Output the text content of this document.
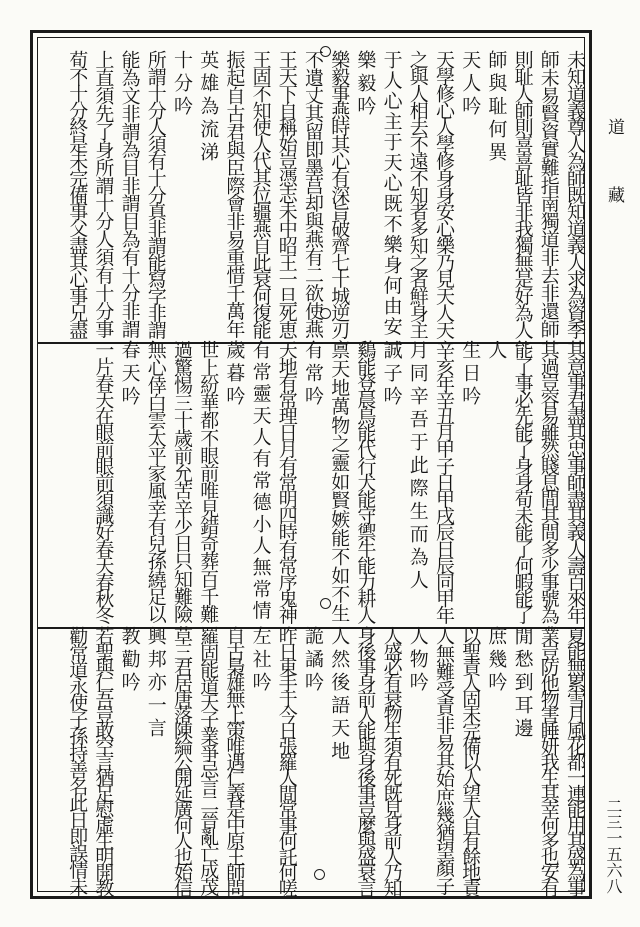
道　　　藏
二三一五六八
未知道義尊人為師既知道義人求為資季
師未易賢資實難指南獨道非去非還師
則耻人師則喜喜耻皆非我獨無是好為人
師與耻何異
天人吟
天學修心人學修身身安心樂乃見天人天
之與人相去不遠不知者多知之者鮮身主
于人心主于天心既不樂身何由安
樂毅吟
樂毅事燕時其心有深旨破齊七十城逆刃
不遺丈其留即墨莒却與燕有二欲使燕
王天下自稱始豈憑志未中昭王一旦死恵
王固不知使人代其位疆燕自此衰何復能
振起自古君與臣際會非易重惜千萬年
英雄為流涕
十分吟
所謂十分人須有十分真非謂能寫字非謂
能為文非謂為目非謂目為有十分非謂
上直須先了身所謂十分人須有十分事
荀不十分終是未完備事父盡其心事兄盡
其意事君盡其忠事師盡其義人壽百來年
其過豈容易雖然賤息間其間多少事號為
能了事必先能了身身荀未能了何暇能了
人
生日吟
辛亥年辛丑月甲子日甲戌辰日辰同甲年
月同辛吾于此際生而為人
誠子吟
鷄能登晨鳥能代行犬能守禦牛能力耕人
禀天地萬物之靈如賢嫉能不如不生
有常吟
天地有常理日月有常明四時有常序鬼神
有常靈天人有常德小人無常情
歲暮吟
世上紛華都不眼前唯見錯奇葬百千難
過驚惕三十歲前允苦辛少日只知難險
無心倖白雲太平家風幸有兒孫繞足以
春天吟
一片春天在眼前眼前須識好春天春秋冬
夏能無累雪月風花都一連能用其盛為事
業豈防他物害睡妍我生其幸何多也安有
閒愁到耳邊
庶幾吟
以聖責人固未完備以人望人自有餘地責
人無難受責非易其始庶幾猶望顏子
人物吟
人盛必有衰物生須有死既見身前人乃知
身後事身前人能與身後事豈麼與盛衰言
人然後語天地
詭譎吟
昨日東手于今日張羅人間常事何託何嗟
左社吟
自古梟雄無上策唯遇仁義是中原王師問
羅固能道天子業爭忌言二晉亂亡成茂
草三君居唐落陳綸公開延廣何人也始信
興邦亦一言
教勸吟
若聖與仁吾豈敢空言猶足慰虛生明開教
勸常道永使子孫持善名此日即誤情未
